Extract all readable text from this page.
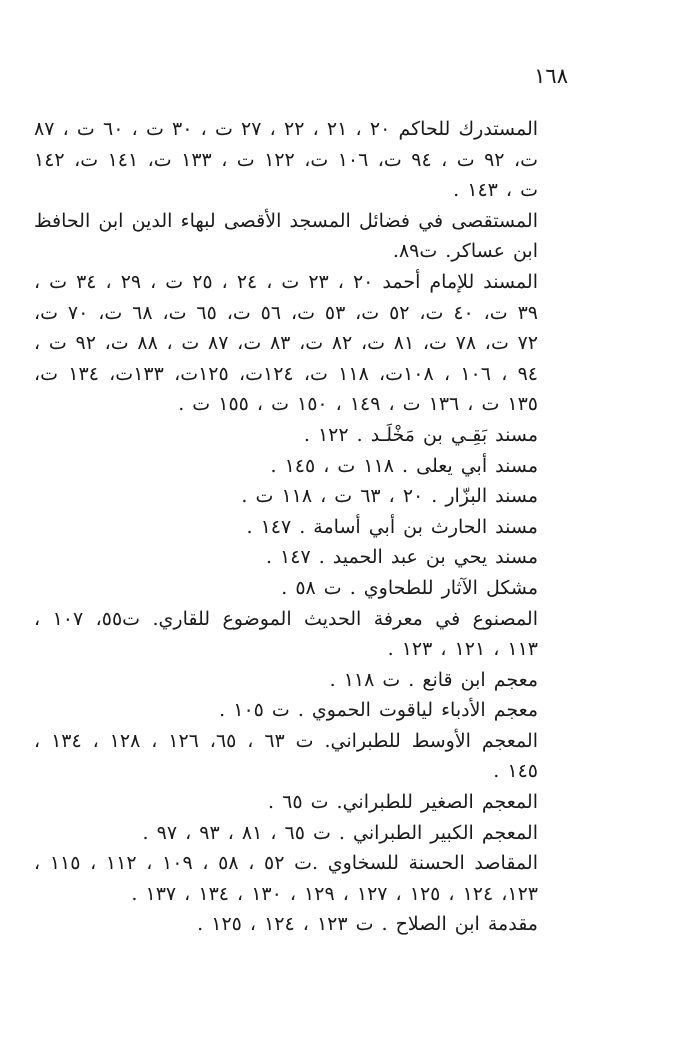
١٦٨

المستدرك للحاكم ٢٠ ، ٢١ ، ٢٢ ، ٢٧ ت ، ٣٠ ت ، ٦٠ ت ، ٨٧ ت، ٩٢ ت ، ٩٤ ت، ١٠٦ ت، ١٢٢ ت ، ١٣٣ ت، ١٤١ ت، ١٤٢ ت ، ١٤٣ .

المستقصى في فضائل المسجد الأقصى لبهاء الدين ابن الحافظ ابن عساكر. ت٨٩.

المسند للإمام أحمد ٢٠ ، ٢٣ ت ، ٢٤ ، ٢٥ ت ، ٢٩ ، ٣٤ ت ، ٣٩ ت، ٤٠ ت، ٥٢ ت، ٥٣ ت، ٥٦ ت، ٦٥ ت، ٦٨ ت، ٧٠ ت، ٧٢ ت، ٧٨ ت، ٨١ ت، ٨٢ ت، ٨٣ ت، ٨٧ ت ، ٨٨ ت، ٩٢ ت ، ٩٤ ، ١٠٦ ، ١٠٨ت، ١١٨ ت، ١٢٤ت، ١٢٥ت، ١٣٣ت، ١٣٤ ت، ١٣٥ ت ، ١٣٦ ت ، ١٤٩ ، ١٥٠ ت ، ١٥٥ ت .

مسند بَقِـي بن مَخْلَـد . ١٢٢ .

مسند أبي يعلى . ١١٨ ت ، ١٤٥ .

مسند البزّار . ٢٠ ، ٦٣ ت ، ١١٨ ت .

مسند الحارث بن أبي أسامة . ١٤٧ .

مسند يحي بن عبد الحميد . ١٤٧ .

مشكل الآثار للطحاوي . ت ٥٨ .

المصنوع في معرفة الحديث الموضوع للقاري. ت٥٥، ١٠٧ ، ١١٣ ، ١٢١ ، ١٢٣ .

معجم ابن قانع . ت ١١٨ .

معجم الأدباء لياقوت الحموي . ت ١٠٥ .

المعجم الأوسط للطبراني. ت ٦٣ ، ٦٥، ١٢٦ ، ١٢٨ ، ١٣٤ ، ١٤٥ .

المعجم الصغير للطبراني. ت ٦٥ .

المعجم الكبير الطبراني . ت ٦٥ ، ٨١ ، ٩٣ ، ٩٧ .

المقاصد الحسنة للسخاوي .ت ٥٢ ، ٥٨ ، ١٠٩ ، ١١٢ ، ١١٥ ، ١٢٣، ١٢٤ ، ١٢٥ ، ١٢٧ ، ١٢٩ ، ١٣٠ ، ١٣٤ ، ١٣٧ .

مقدمة ابن الصلاح . ت ١٢٣ ، ١٢٤ ، ١٢٥ .
